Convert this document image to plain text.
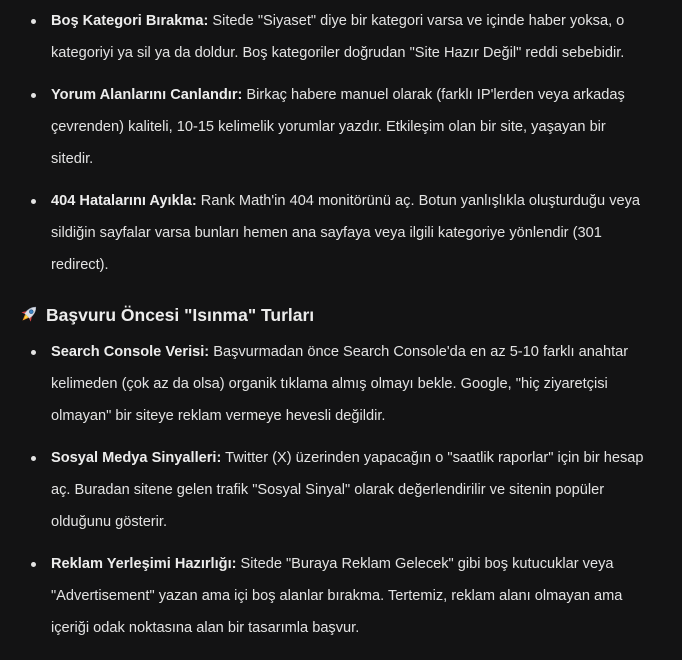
Boş Kategori Bırakma: Sitede "Siyaset" diye bir kategori varsa ve içinde haber yoksa, o kategoriyi ya sil ya da doldur. Boş kategoriler doğrudan "Site Hazır Değil" reddi sebebidir.
Yorum Alanlarını Canlandır: Birkaç habere manuel olarak (farklı IP'lerden veya arkadaş çevrenden) kaliteli, 10-15 kelimelik yorumlar yazdır. Etkileşim olan bir site, yaşayan bir sitedir.
404 Hatalarını Ayıkla: Rank Math'in 404 monitörünü aç. Botun yanlışlıkla oluşturduğu veya sildiğin sayfalar varsa bunları hemen ana sayfaya veya ilgili kategoriye yönlendir (301 redirect).
Başvuru Öncesi "Isınma" Turları
Search Console Verisi: Başvurmadan önce Search Console'da en az 5-10 farklı anahtar kelimeden (çok az da olsa) organik tıklama almış olmayı bekle. Google, "hiç ziyaretçisi olmayan" bir siteye reklam vermeye hevesli değildir.
Sosyal Medya Sinyalleri: Twitter (X) üzerinden yapacağın o "saatlik raporlar" için bir hesap aç. Buradan sitene gelen trafik "Sosyal Sinyal" olarak değerlendirilir ve sitenin popüler olduğunu gösterir.
Reklam Yerleşimi Hazırlığı: Sitede "Buraya Reklam Gelecek" gibi boş kutucuklar veya "Advertisement" yazan ama içi boş alanlar bırakma. Tertemiz, reklam alanı olmayan ama içeriği odak noktasına alan bir tasarımla başvur.
